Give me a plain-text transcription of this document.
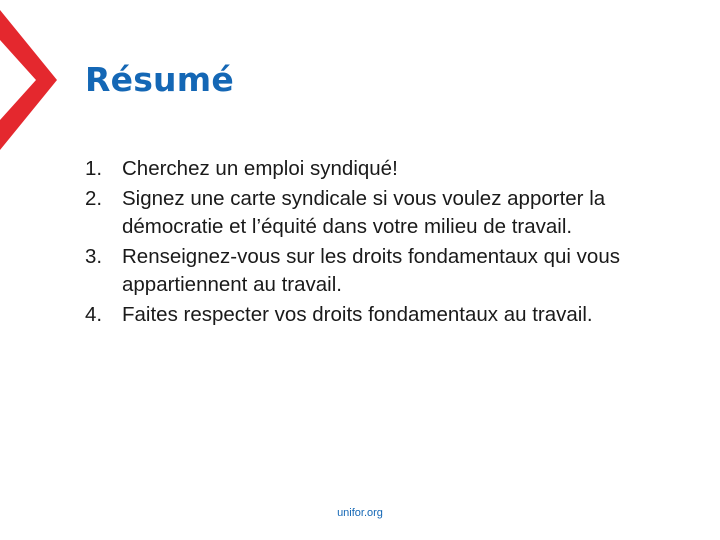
Résumé
1. Cherchez un emploi syndiqué!
2. Signez une carte syndicale si vous voulez apporter la démocratie et l’équité dans votre milieu de travail.
3. Renseignez-vous sur les droits fondamentaux qui vous appartiennent au travail.
4. Faites respecter vos droits fondamentaux au travail.
unifor.org
